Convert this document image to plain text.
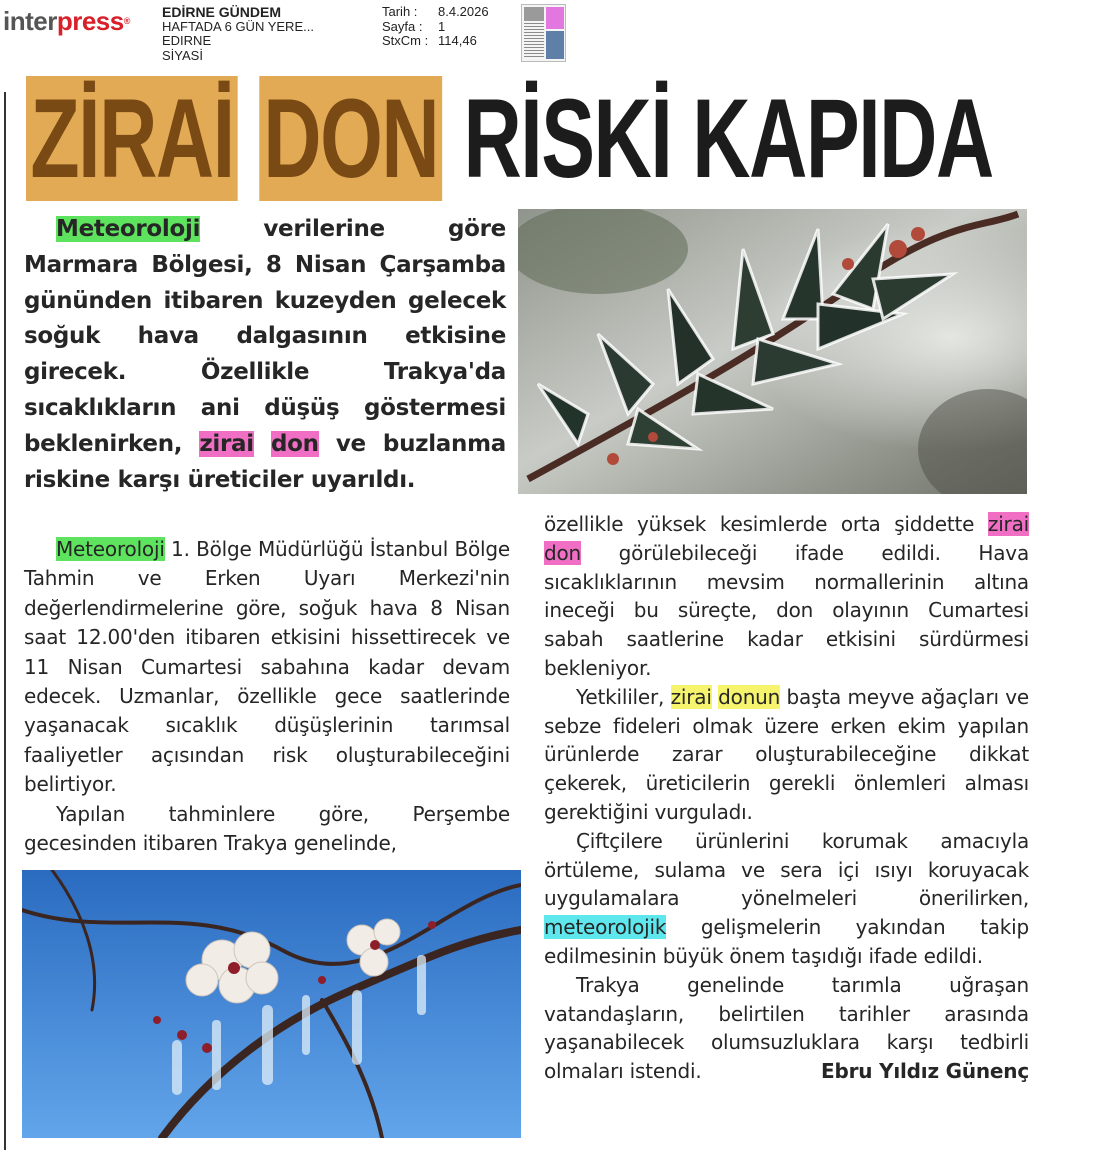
interpress®
EDİRNE GÜNDEM
HAFTADA 6 GÜN YERE...
EDIRNE
SİYASİ
Tarih :	8.4.2026
Sayfa :	1
StxCm : 114,46
ZİRAİ DON RİSKİ KAPIDA

Meteoroloji verilerine göre Marmara Bölgesi, 8 Nisan Çarşamba gününden itibaren kuzeyden gelecek soğuk hava dalgasının etkisine girecek. Özellikle Trakya'da sıcaklıkların ani düşüş göstermesi beklenirken, zirai don ve buzlanma riskine karşı üreticiler uyarıldı.

Meteoroloji 1. Bölge Müdürlüğü İstanbul Bölge Tahmin ve Erken Uyarı Merkezi'nin değerlendirmelerine göre, soğuk hava 8 Nisan saat 12.00'den itibaren etkisini hissettirecek ve 11 Nisan Cumartesi sabahına kadar devam edecek. Uzmanlar, özellikle gece saatlerinde yaşanacak sıcaklık düşüşlerinin tarımsal faaliyetler açısından risk oluşturabileceğini belirtiyor.

Yapılan tahminlere göre, Perşembe gecesinden itibaren Trakya genelinde,

özellikle yüksek kesimlerde orta şiddette zirai don görülebileceği ifade edildi. Hava sıcaklıklarının mevsim normallerinin altına ineceği bu süreçte, don olayının Cumartesi sabah saatlerine kadar etkisini sürdürmesi bekleniyor.

Yetkililer, zirai donun başta meyve ağaçları ve sebze fideleri olmak üzere erken ekim yapılan ürünlerde zarar oluşturabileceğine dikkat çekerek, üreticilerin gerekli önlemleri alması gerektiğini vurguladı.

Çiftçilere ürünlerini korumak amacıyla örtüleme, sulama ve sera içi ısıyı koruyacak uygulamalara yönelmeleri önerilirken, meteorolojik gelişmelerin yakından takip edilmesinin büyük önem taşıdığı ifade edildi.

Trakya genelinde tarımla uğraşan vatandaşların, belirtilen tarihler arasında yaşanabilecek olumsuzluklara karşı tedbirli olmaları istendi.	Ebru Yıldız Günenç
